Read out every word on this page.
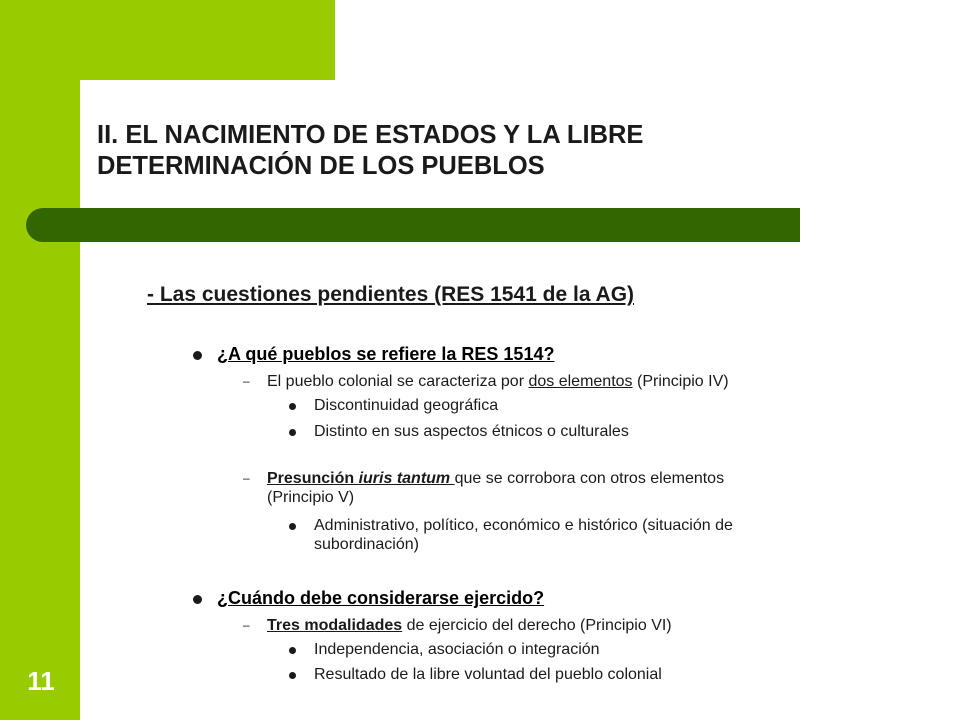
II. EL NACIMIENTO DE ESTADOS Y LA LIBRE
DETERMINACIÓN DE LOS PUEBLOS
11
- Las cuestiones pendientes (RES 1541 de la AG)
¿A qué pueblos se refiere la RES 1514?
– El pueblo colonial se caracteriza por dos elementos (Principio IV)
Discontinuidad geográfica
Distinto en sus aspectos étnicos o culturales
– Presunción iuris tantum que se corrobora con otros elementos
(Principio V)
Administrativo, político, económico e histórico (situación de
subordinación)
¿Cuándo debe considerarse ejercido?
– Tres modalidades de ejercicio del derecho (Principio VI)
Independencia, asociación o integración
Resultado de la libre voluntad del pueblo colonial
